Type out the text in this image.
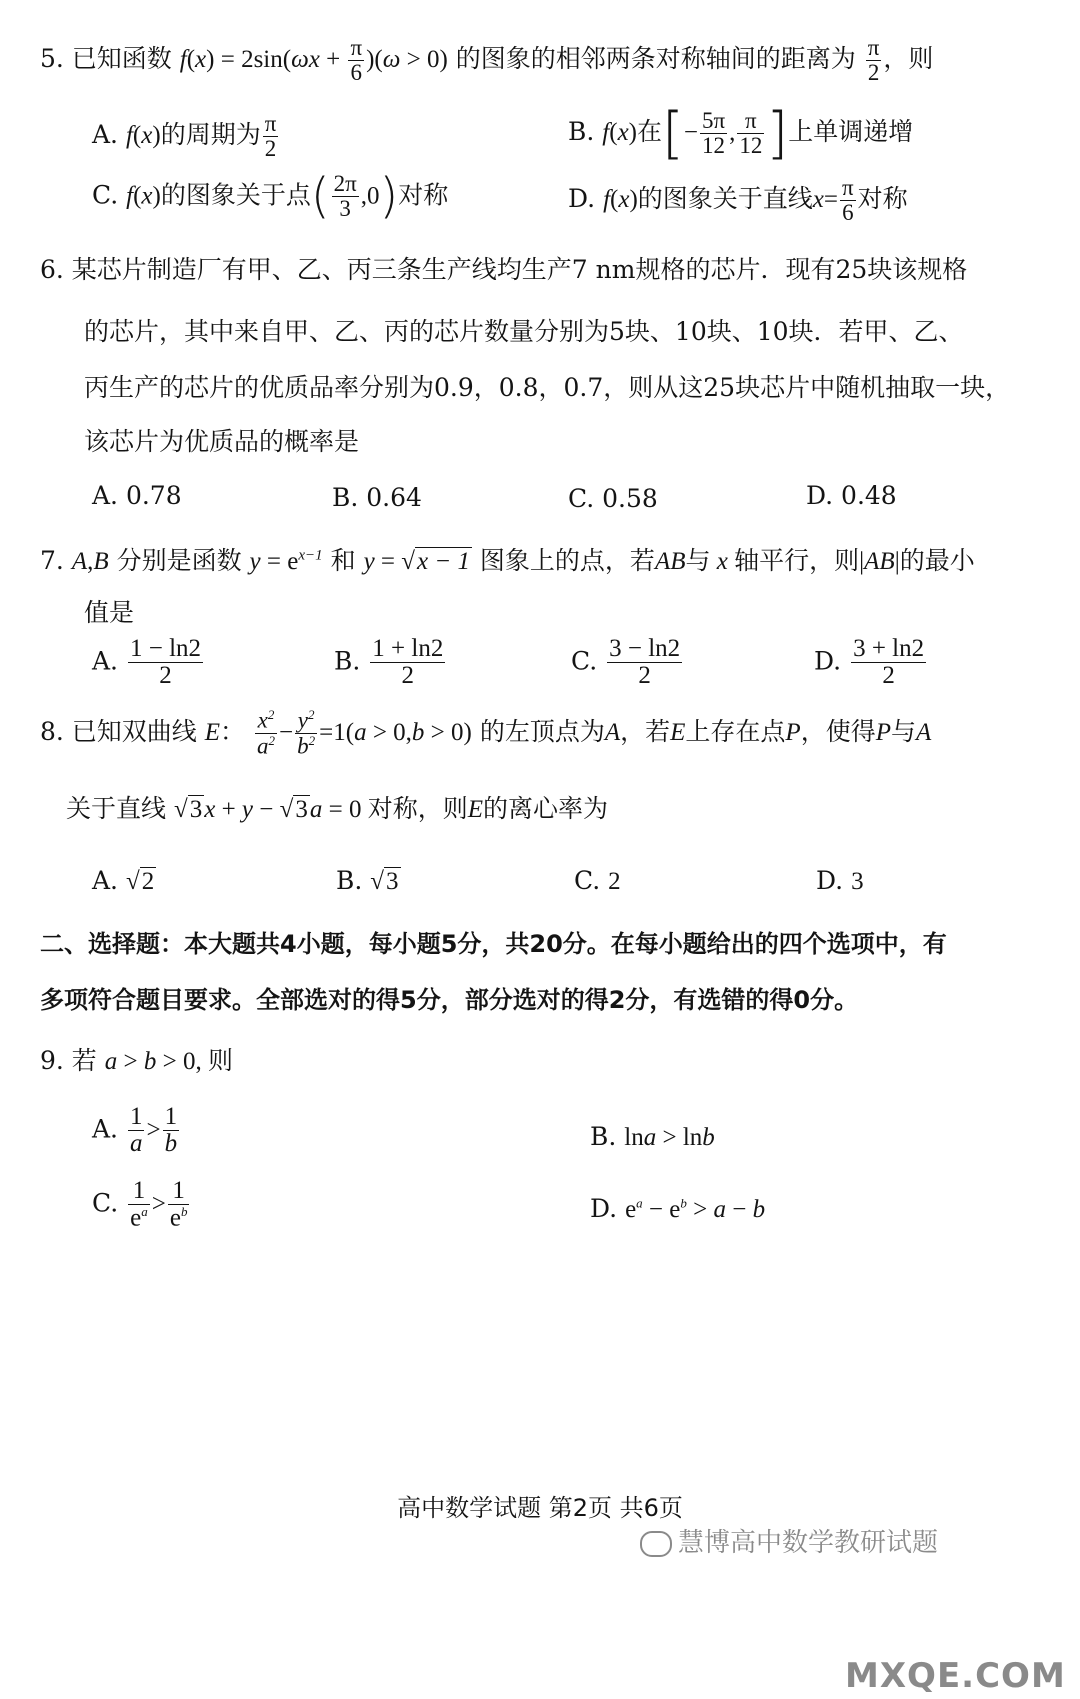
5. 已知函数 $f(x) = 2\sin(\omega x + \frac{\pi}{6} )(\omega > 0)$ 的图象的相邻两条对称轴间的距离为 $\frac{\pi}{2}$ ，则
A. f(x)的周期为 $\frac{\pi}{2}$	B. f(x)在[− $\frac{5\pi}{12}$ , $\frac{\pi}{12}$ ]上单调递增
C. f(x)的图象关于点( $\frac{2\pi}{3} ,0$)对称	D. f(x)的图象关于直线$x= \frac{\pi}{6}$ 对称
6. 某芯片制造厂有甲、乙、丙三条生产线均生产7 nm规格的芯片．现有25块该规格
的芯片，其中来自甲、乙、丙的芯片数量分别为5块、10块、10块．若甲、乙、
丙生产的芯片的优质品率分别为0.9，0.8，0.7，则从这25块芯片中随机抽取一块，
该芯片为优质品的概率是
A. 0.78	B. 0.64	C. 0.58	D. 0.48
7. A,B 分别是函数 $y = e^{x-1}$ 和 y = √x − 1 图象上的点，若AB与 x 轴平行，则|AB|的最小
值是
A. $\frac{1 - \ln 2}{2}$	B. $\frac{1 + \ln 2}{2}$	C. $\frac{3 - \ln 2}{2}$	D. $\frac{3 + \ln 2}{2}$
8. 已知双曲线 E： $\frac{x^2}{a^2} - \frac{y^2}{b^2} =1(a > 0,b > 0)$ 的左顶点为A，若E上存在点P，使得P与A
关于直线 √3x + y − √3a = 0 对称，则E的离心率为
A. √2	B. √3	C. 2	D. 3
二、选择题：本大题共4小题，每小题5分，共20分。在每小题给出的四个选项中，有
多项符合题目要求。全部选对的得5分，部分选对的得2分，有选错的得0分。
9. 若 a > b > 0, 则
A. $\frac{1}{a} > \frac{1}{b}$	B. lna > lnb
C. $\frac{1}{e^a} > \frac{1}{e^b}$	D. $e^a - e^b > a - b$
高中数学试题 第2页 共6页
慧博高中数学教研试题
MXQE.COM
